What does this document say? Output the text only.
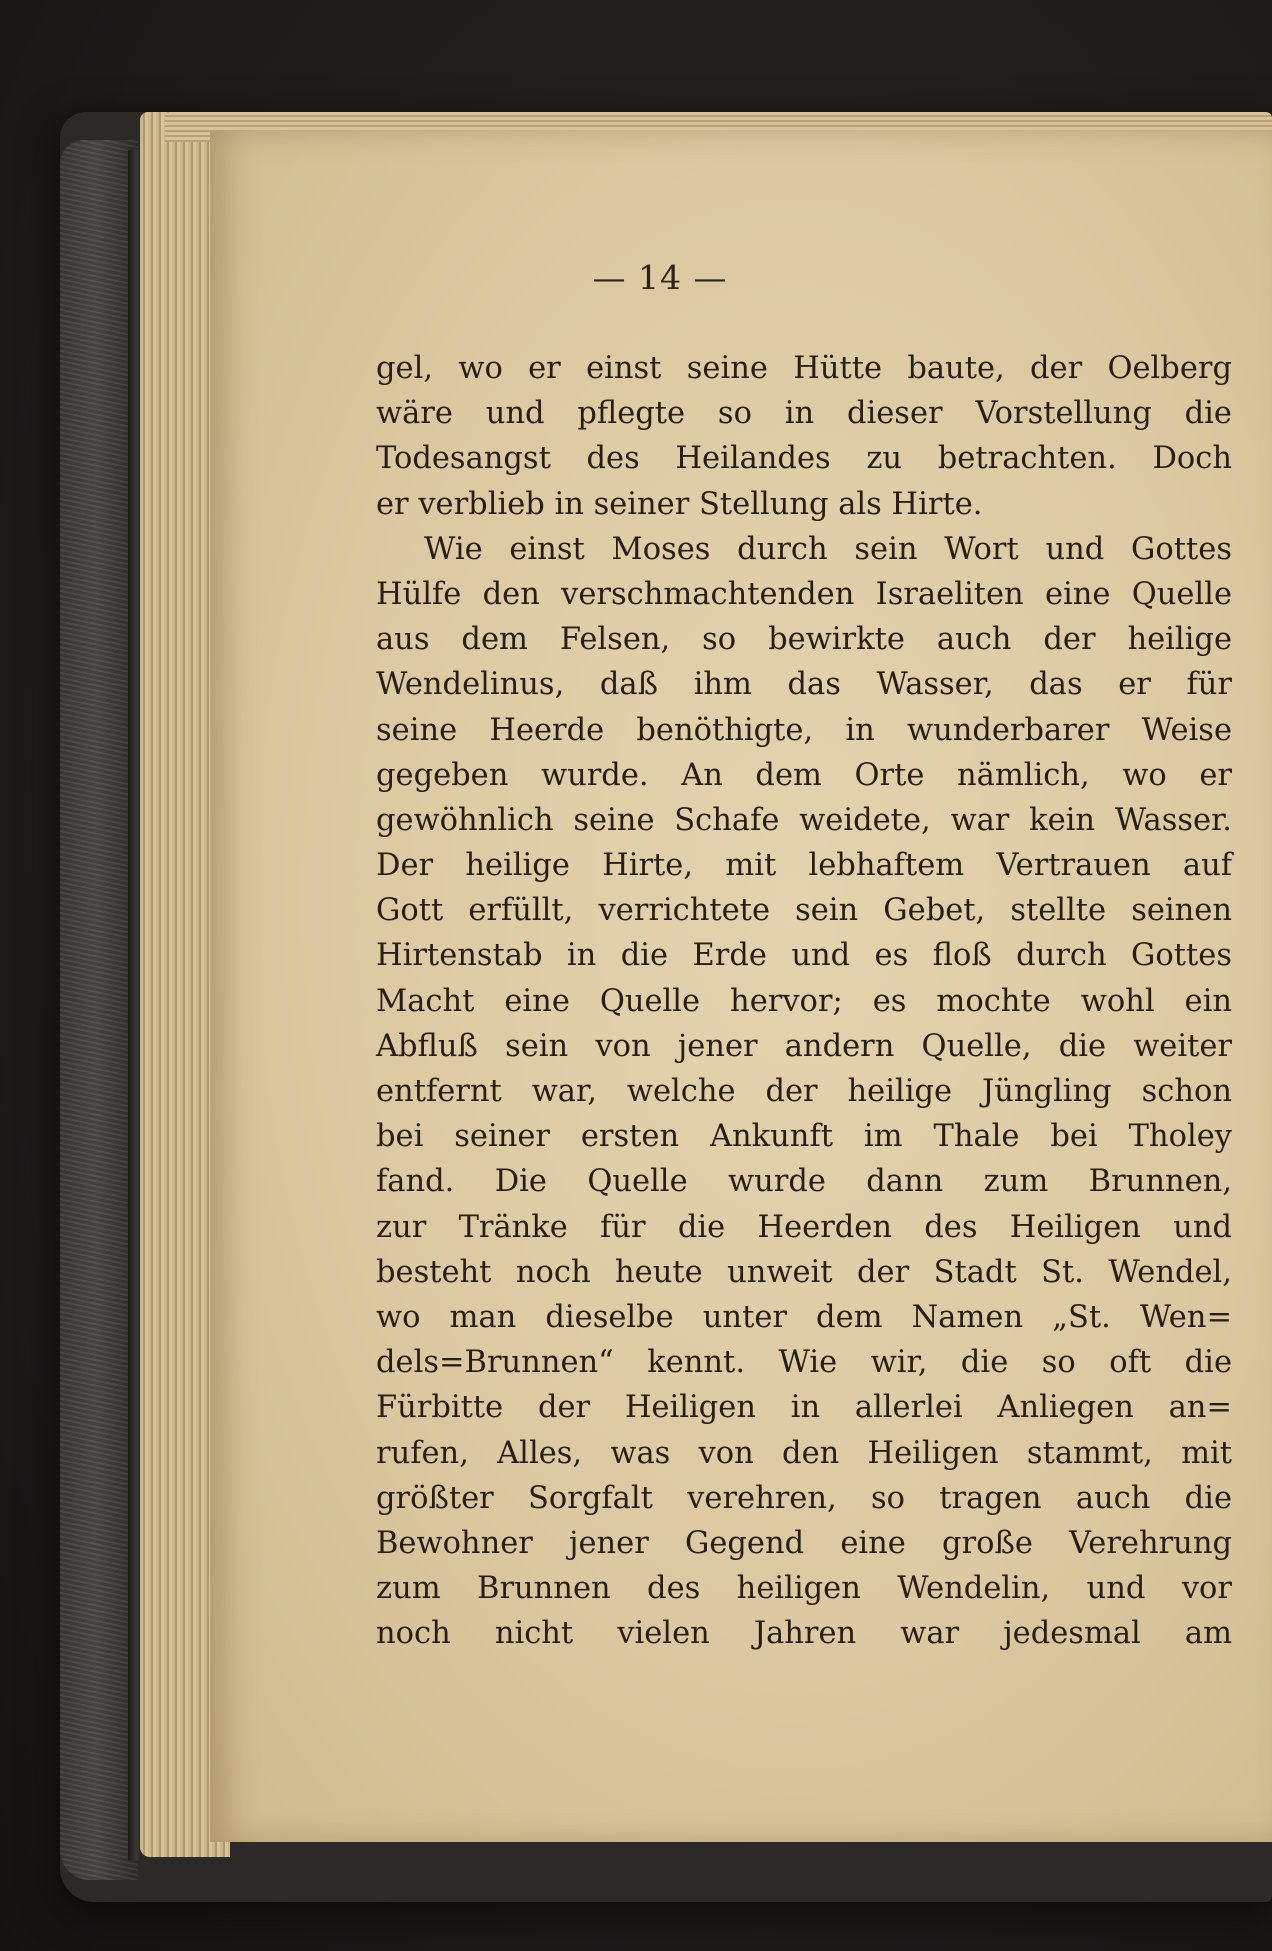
— 14 —
gel, wo er einst seine Hütte baute, der Oelberg
wäre und pflegte so in dieser Vorstellung die
Todesangst des Heilandes zu betrachten. Doch
er verblieb in seiner Stellung als Hirte.
Wie einst Moses durch sein Wort und Gottes
Hülfe den verschmachtenden Israeliten eine Quelle
aus dem Felsen, so bewirkte auch der heilige
Wendelinus, daß ihm das Wasser, das er für
seine Heerde benöthigte, in wunderbarer Weise
gegeben wurde. An dem Orte nämlich, wo er
gewöhnlich seine Schafe weidete, war kein Wasser.
Der heilige Hirte, mit lebhaftem Vertrauen auf
Gott erfüllt, verrichtete sein Gebet, stellte seinen
Hirtenstab in die Erde und es floß durch Gottes
Macht eine Quelle hervor; es mochte wohl ein
Abfluß sein von jener andern Quelle, die weiter
entfernt war, welche der heilige Jüngling schon
bei seiner ersten Ankunft im Thale bei Tholey
fand. Die Quelle wurde dann zum Brunnen,
zur Tränke für die Heerden des Heiligen und
besteht noch heute unweit der Stadt St. Wendel,
wo man dieselbe unter dem Namen „St. Wen=
dels=Brunnen“ kennt. Wie wir, die so oft die
Fürbitte der Heiligen in allerlei Anliegen an=
rufen, Alles, was von den Heiligen stammt, mit
größter Sorgfalt verehren, so tragen auch die
Bewohner jener Gegend eine große Verehrung
zum Brunnen des heiligen Wendelin, und vor
noch nicht vielen Jahren war jedesmal am
